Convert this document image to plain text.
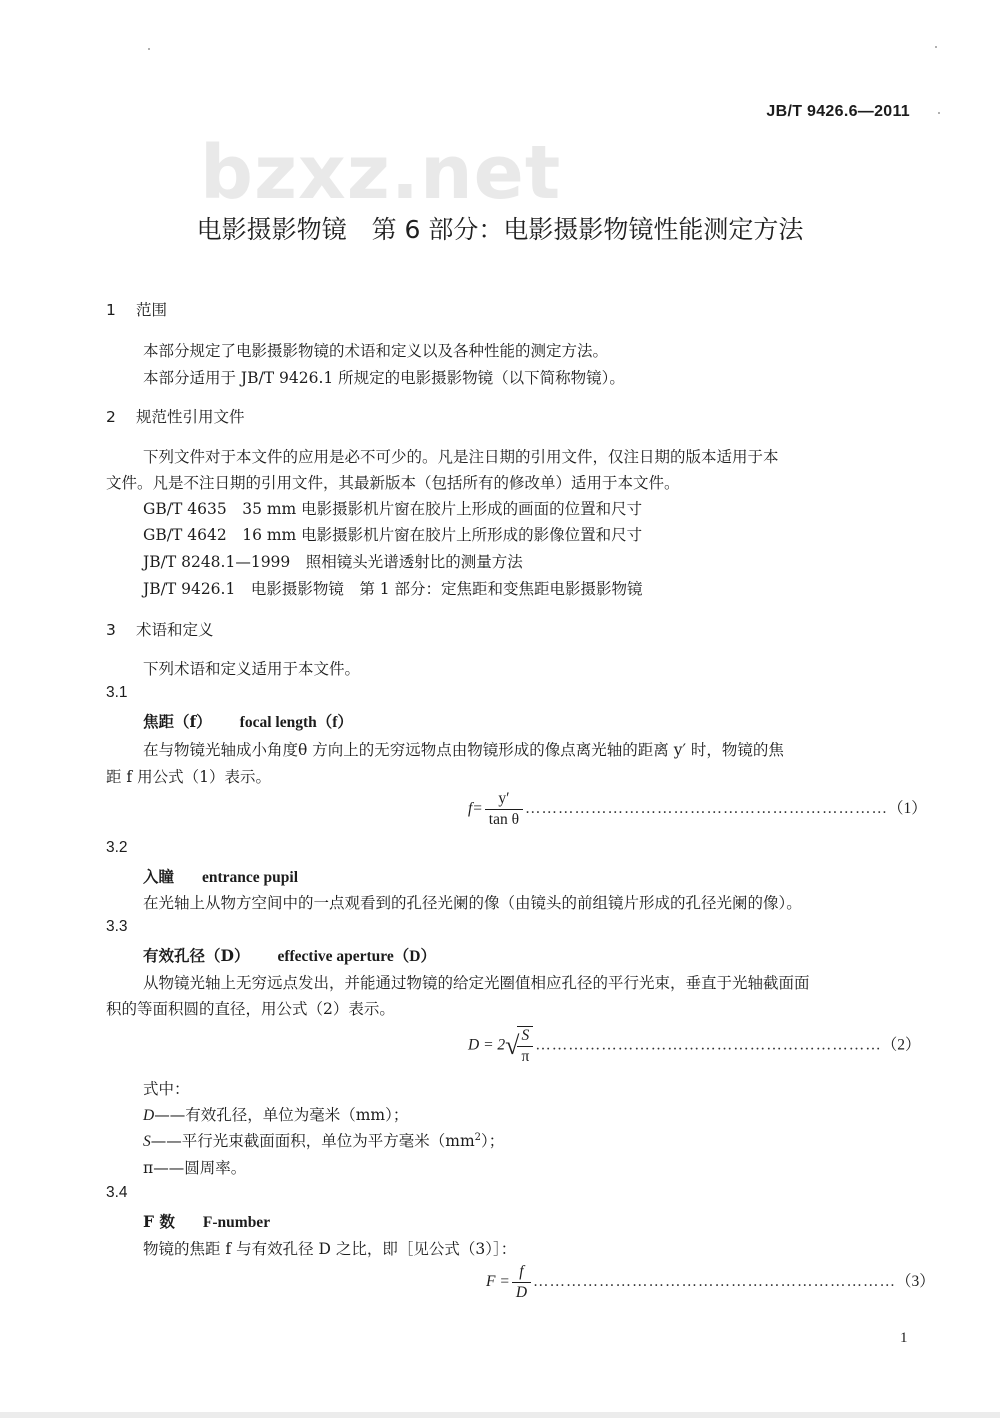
bzxz.net
JB/T 9426.6—2011
电影摄影物镜　第 6 部分：电影摄影物镜性能测定方法
1 范围
本部分规定了电影摄影物镜的术语和定义以及各种性能的测定方法。
本部分适用于 JB/T 9426.1 所规定的电影摄影物镜（以下简称物镜）。
2 规范性引用文件
下列文件对于本文件的应用是必不可少的。凡是注日期的引用文件，仅注日期的版本适用于本
文件。凡是不注日期的引用文件，其最新版本（包括所有的修改单）适用于本文件。
GB/T 4635　35 mm 电影摄影机片窗在胶片上形成的画面的位置和尺寸
GB/T 4642　16 mm 电影摄影机片窗在胶片上所形成的影像位置和尺寸
JB/T 8248.1—1999　照相镜头光谱透射比的测量方法
JB/T 9426.1　电影摄影物镜　第 1 部分：定焦距和变焦距电影摄影物镜
3 术语和定义
下列术语和定义适用于本文件。
3.1
焦距（f） focal length（f）
在与物镜光轴成小角度θ 方向上的无穷远物点由物镜形成的像点离光轴的距离 y′ 时，物镜的焦
距 f 用公式（1）表示。
$f= \frac{y'}{\text{tan θ}}$ …………………………………………………………（1）
3.2
入瞳 entrance pupil
在光轴上从物方空间中的一点观看到的孔径光阑的像（由镜头的前组镜片形成的孔径光阑的像）。
3.3
有效孔径（D） effective aperture（D）
从物镜光轴上无穷远点发出，并能通过物镜的给定光圈值相应孔径的平行光束，垂直于光轴截面面
积的等面积圆的直径，用公式（2）表示。
D = 2√
$\frac{S}{\pi}$ ………………………………………………………（2）
式中：
D——有效孔径，单位为毫米（mm）；
S——平行光束截面面积，单位为平方毫米$(mm^2)$；
π——圆周率。
3.4
F 数 F-number
物镜的焦距 f 与有效孔径 D 之比，即［见公式（3）］：
$F = \frac{f}{D}$ …………………………………………………………（3）
1
